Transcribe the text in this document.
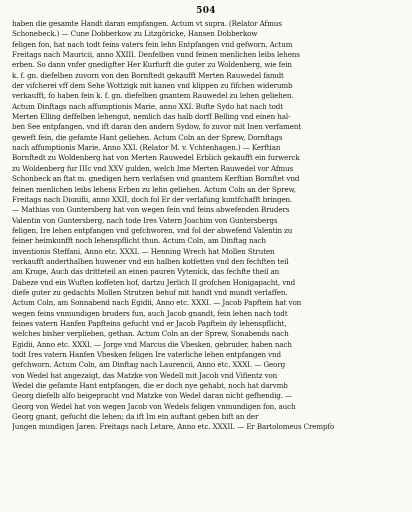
504
haben die gesamte Handt daran empfangen. Actum vt supra. (Relator Afmus
Schonebeck.) — Cune Dobberkow zu Litzgöricke, Hansen Dobberkow
feligen fon, hat nach todt feins vaters fein lehn Entpfangen vnd gefworn. Actum
Freitags nach Mauricii, anno XXIII. Denfelben vnnd feinen menlichen leibs lehens
erben. So dann vnfer gnedigfter Her Kurfurft die guter zu Woldenberg, wie fein
k. f. gn. diefelben zuvorn von den Bornftedt gekaufft Merten Rauwedel famdt
der vifcherei vff dem Sehe Wottzigk mit kanen vnd klippen zu fifchen widerumb
verkaufft, fo haben fein k. f. gn. diefelben gnantem Rauwedel zu lehen geliehen.
Actum Dinftags nach affumptionis Marie, anno XXI. Bufte Sydo hat nach todt
Merten Elling deffelben lehengut, nemlich das halb dorff Belling vnd einen hal-
ben See entpfangen, vnd ift daran den andern Sydow, fo zuvor mit Inen verfament
geweft fein, die gefamte Hant geliehen. Actum Coln an der Sprew, Dornftags
nach affumptionis Marie, Anno XXI. (Relator M. v. Vchtenhagen.) — Kerftian
Bornftedt zu Woldenberg hat von Merten Rauwedel Erblich gekaufft ein furwerck
zu Woldenberg fur IIIc vnd XXV gulden, welch Ime Merten Rauwedel vor Afmus
Schonbeck an ftat m. gnedigen hern verlafsen vnd gnantem Kerftian Bornftet vnd
feinen menlichen leibs lehens Erben zu lehn geliehen. Actum Coln an der Sprew,
Freitags nach Dionifii, anno XXII, doch fol Er der verlafung kuntfchafft bringen.
— Mathias von Guntersberg hat von wegen fein vnd feins abwefenden Bruders
Valentin von Guntersberg, nach tode Ires Vatern Joachim von Guntersbergs
feligen, Ire lehen entpfangen vnd gefchworen, vnd fol der abwefend Valentin zu
feiner heimkunfft noch lehenspflicht thun. Actum Coln, am Dinftag nach
inventionis Steffani, Anno etc. XXXI. — Henning Wrech hat Mollen Struten
verkaufft anderthalben huwener vnd ein halben kotfetten vnd den fechften teil
am Kruge, Auch das dritteteil an einen pauren Vytenick, das fechfte theil an
Dabeze vnd ein Wuften koffeten hof, dartzu Jerlich II grofchen Honigapacht, vnd
diefe guter zu gedachts Mollen Strutzen behuf mit handt vnd mundt verlaffen.
Actum Coln, am Sonnabend nach Egidii, Anno etc. XXXI. — Jacob Papftein hat von
wegen feins vnmundigen bruders fun, auch Jacob gnandt, fein lehen nach todt
feines vatern Hanfen Papfteins gefucht vnd er Jacob Papftein dy lehenspflicht,
welches bisher verplieben, gethan. Actum Coln an der Sprew, Sonabends nach
Egidii, Anno etc. XXXI. — Jorge vnd Marcus die Vbesken, gebruder, haben nach
todt Ires vatern Hanfen Vbesken feligen Ire vaterliche lehen entpfangen vnd
gefchworn. Actum Coln, am Dinftag nach Laurencii, Anno etc. XXXI. — Georg
von Wedel hat angezaigt, das Matzke von Wedell mit Jacob vnd Vifientz von
Wedel die gefamte Hant entpfangen, die er doch nye gehabt, noch hat darvmb
Georg diefelb alfo beigepracht vnd Matzke von Wedel daran nicht gefhendig. —
Georg von Wedel hat von wegen Jacob von Wedels feligen vnmundigen fon, auch
Georg gnant, gefucht die lehen; da ift Im ein auftant geben bift an der
Jungen mundigen Jaren. Freitags nach Letare, Anno etc. XXXII. — Er Bartolomeus Crempfo
